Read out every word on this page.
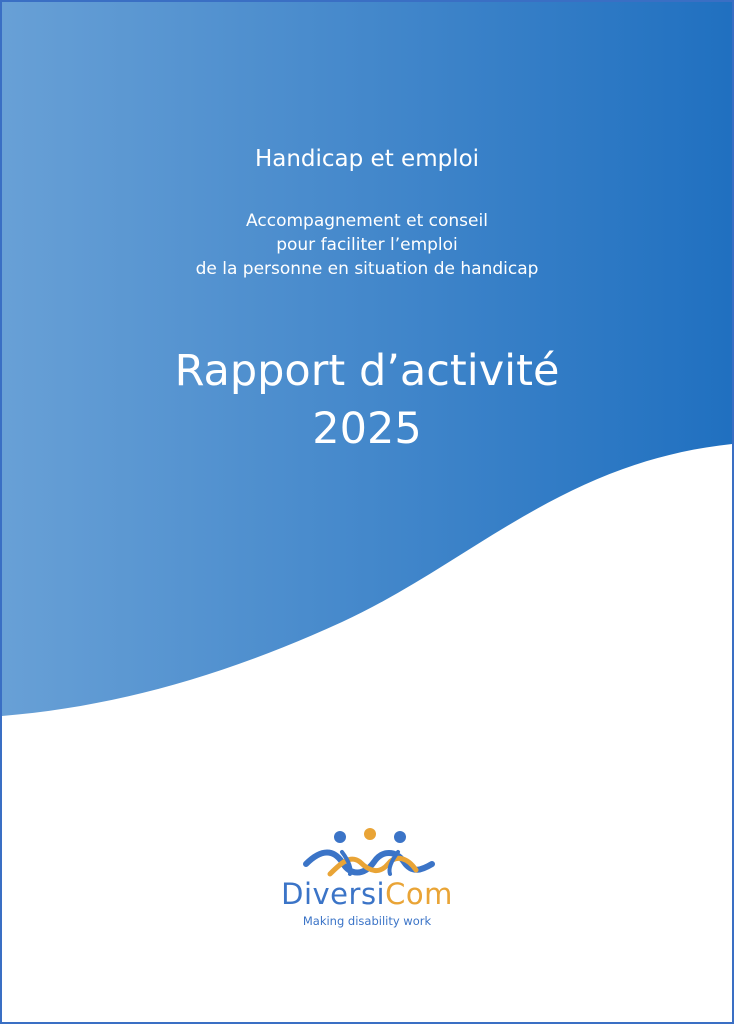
Handicap et emploi
Accompagnement et conseil
pour faciliter l’emploi
de la personne en situation de handicap
Rapport d’activité
2025
DiversiCom
Making disability work
